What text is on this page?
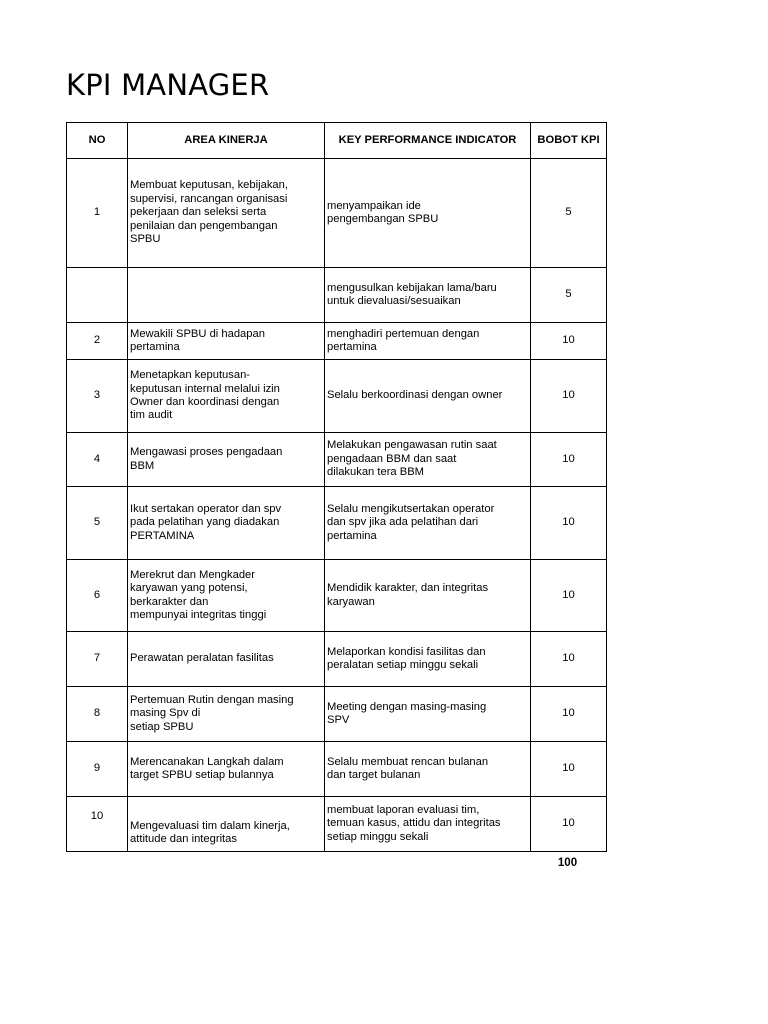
KPI MANAGER
NO	AREA KINERJA	KEY PERFORMANCE INDICATOR	BOBOT KPI

1	Membuat keputusan, kebijakan,
supervisi, rancangan organisasi
pekerjaan dan seleksi serta
penilaian dan pengembangan
SPBU	menyampaikan ide
pengembangan SPBU	5

		mengusulkan kebijakan lama/baru
untuk dievaluasi/sesuaikan	5

2	Mewakili SPBU di hadapan
pertamina	menghadiri pertemuan dengan
pertamina	10

3	Menetapkan keputusan-
keputusan internal melalui izin
Owner dan koordinasi dengan
tim audit	Selalu berkoordinasi dengan owner	10

4	Mengawasi proses pengadaan
BBM	Melakukan pengawasan rutin saat
pengadaan BBM dan saat
dilakukan tera BBM	10

5	Ikut sertakan operator dan spv
pada pelatihan yang diadakan
PERTAMINA	Selalu mengikutsertakan operator
dan spv jika ada pelatihan dari
pertamina	10

6	Merekrut dan Mengkader
karyawan yang potensi,
berkarakter dan
mempunyai integritas tinggi	Mendidik karakter, dan integritas
karyawan	10

7	Perawatan peralatan fasilitas	Melaporkan kondisi fasilitas dan
peralatan setiap minggu sekali	10

8	Pertemuan Rutin dengan masing
masing Spv di
setiap SPBU	Meeting dengan masing-masing
SPV	10

9	Merencanakan Langkah dalam
target SPBU setiap bulannya	Selalu membuat rencan bulanan
dan target bulanan	10

10	Mengevaluasi tim dalam kinerja,
attitude dan integritas	membuat laporan evaluasi tim,
temuan kasus, attidu dan integritas
setiap minggu sekali	10
100
